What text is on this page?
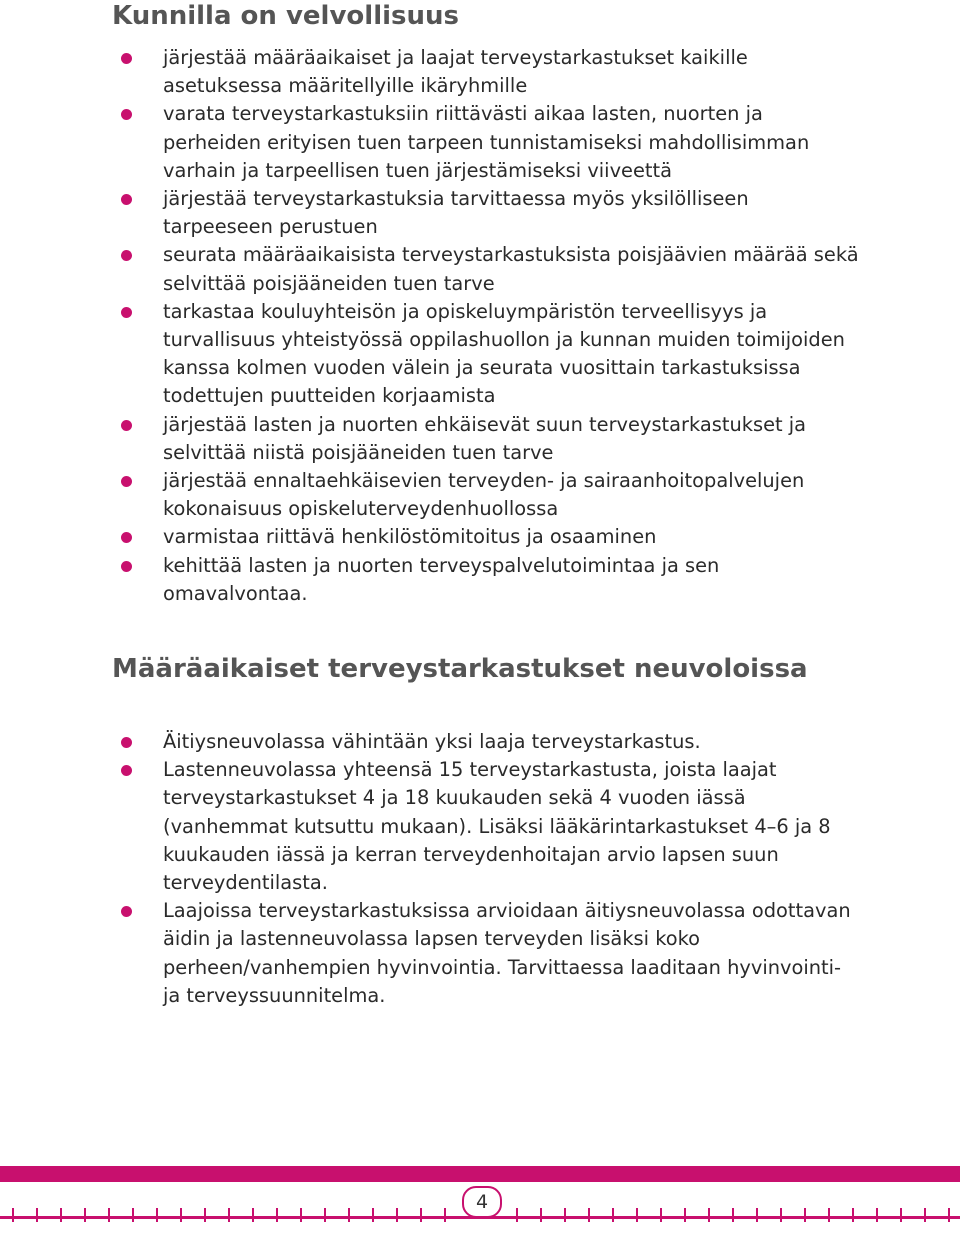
Kunnilla on velvollisuus
järjestää määräaikaiset ja laajat terveystarkastukset kaikille asetuksessa määritellyille ikäryhmille
varata terveystarkastuksiin riittävästi aikaa lasten, nuorten ja perheiden erityisen tuen tarpeen tunnistamiseksi mahdollisimman varhain ja tarpeellisen tuen järjestämiseksi viiveettä
järjestää terveystarkastuksia tarvittaessa myös yksilölliseen tarpeeseen perustuen
seurata määräaikaisista terveystarkastuksista poisjäävien määrää sekä selvittää poisjääneiden tuen tarve
tarkastaa kouluyhteisön ja opiskeluympäristön terveellisyys ja turvallisuus yhteistyössä oppilashuollon ja kunnan muiden toimijoiden kanssa kolmen vuoden välein ja seurata vuosittain tarkastuksissa todettujen puutteiden korjaamista
järjestää lasten ja nuorten ehkäisevät suun terveystarkastukset ja selvittää niistä poisjääneiden tuen tarve
järjestää ennaltaehkäisevien terveyden- ja sairaanhoitopalvelujen kokonaisuus opiskeluterveydenhuollossa
varmistaa riittävä henkilöstömitoitus ja osaaminen
kehittää lasten ja nuorten terveyspalvelutoimintaa ja sen omavalvontaa.
Määräaikaiset terveystarkastukset neuvoloissa
Äitiysneuvolassa vähintään yksi laaja terveystarkastus.
Lastenneuvolassa yhteensä 15 terveystarkastusta, joista laajat terveystarkastukset 4 ja 18 kuukauden sekä 4 vuoden iässä (vanhemmat kutsuttu mukaan). Lisäksi lääkärintarkastukset 4–6 ja 8 kuukauden iässä ja kerran terveydenhoitajan arvio lapsen suun terveydentilasta.
Laajoissa terveystarkastuksissa arvioidaan äitiysneuvolassa odottavan äidin ja lastenneuvolassa lapsen terveyden lisäksi koko perheen/vanhempien hyvinvointia. Tarvittaessa laaditaan hyvinvointi- ja terveyssuunnitelma.
4
